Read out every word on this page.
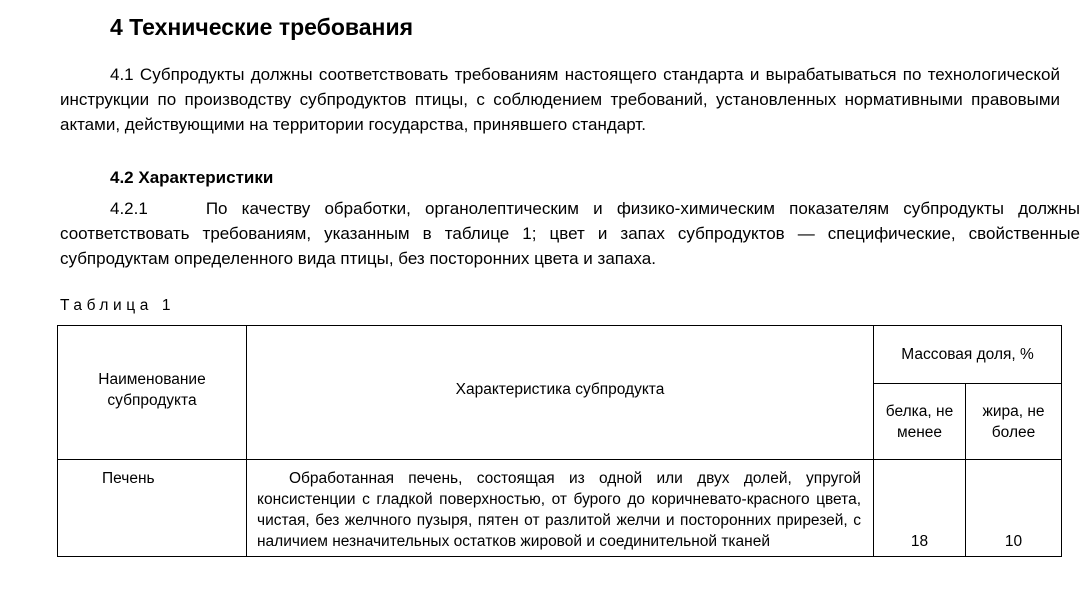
4 Технические требования

4.1 Субпродукты должны соответствовать требованиям настоящего стандарта и вырабатываться по технологической инструкции по производству субпродуктов птицы, с соблюдением требований, установленных нормативными правовыми актами, действующими на территории государства, принявшего стандарт.

4.2 Характеристики

4.2.1	По качеству обработки, органолептическим и физико-химическим показателям субпродукты должны соответствовать требованиям, указанным в таблице 1; цвет и запах субпродуктов — специфические, свойственные субпродуктам определенного вида птицы, без посторонних цвета и запаха.

Таблица 1
Наименование субпродукта	Характеристика субпродукта	Массовая доля, %	
		белка, не менее	жира, не более
Печень	Обработанная печень, состоящая из одной или двух долей, упругой консистенции с гладкой поверхностью, от бурого до коричневато-красного цвета, чистая, без желчного пузыря, пятен от разлитой желчи и посторонних прирезей, с наличием незначительных остатков жировой и соединительной тканей	18	10
